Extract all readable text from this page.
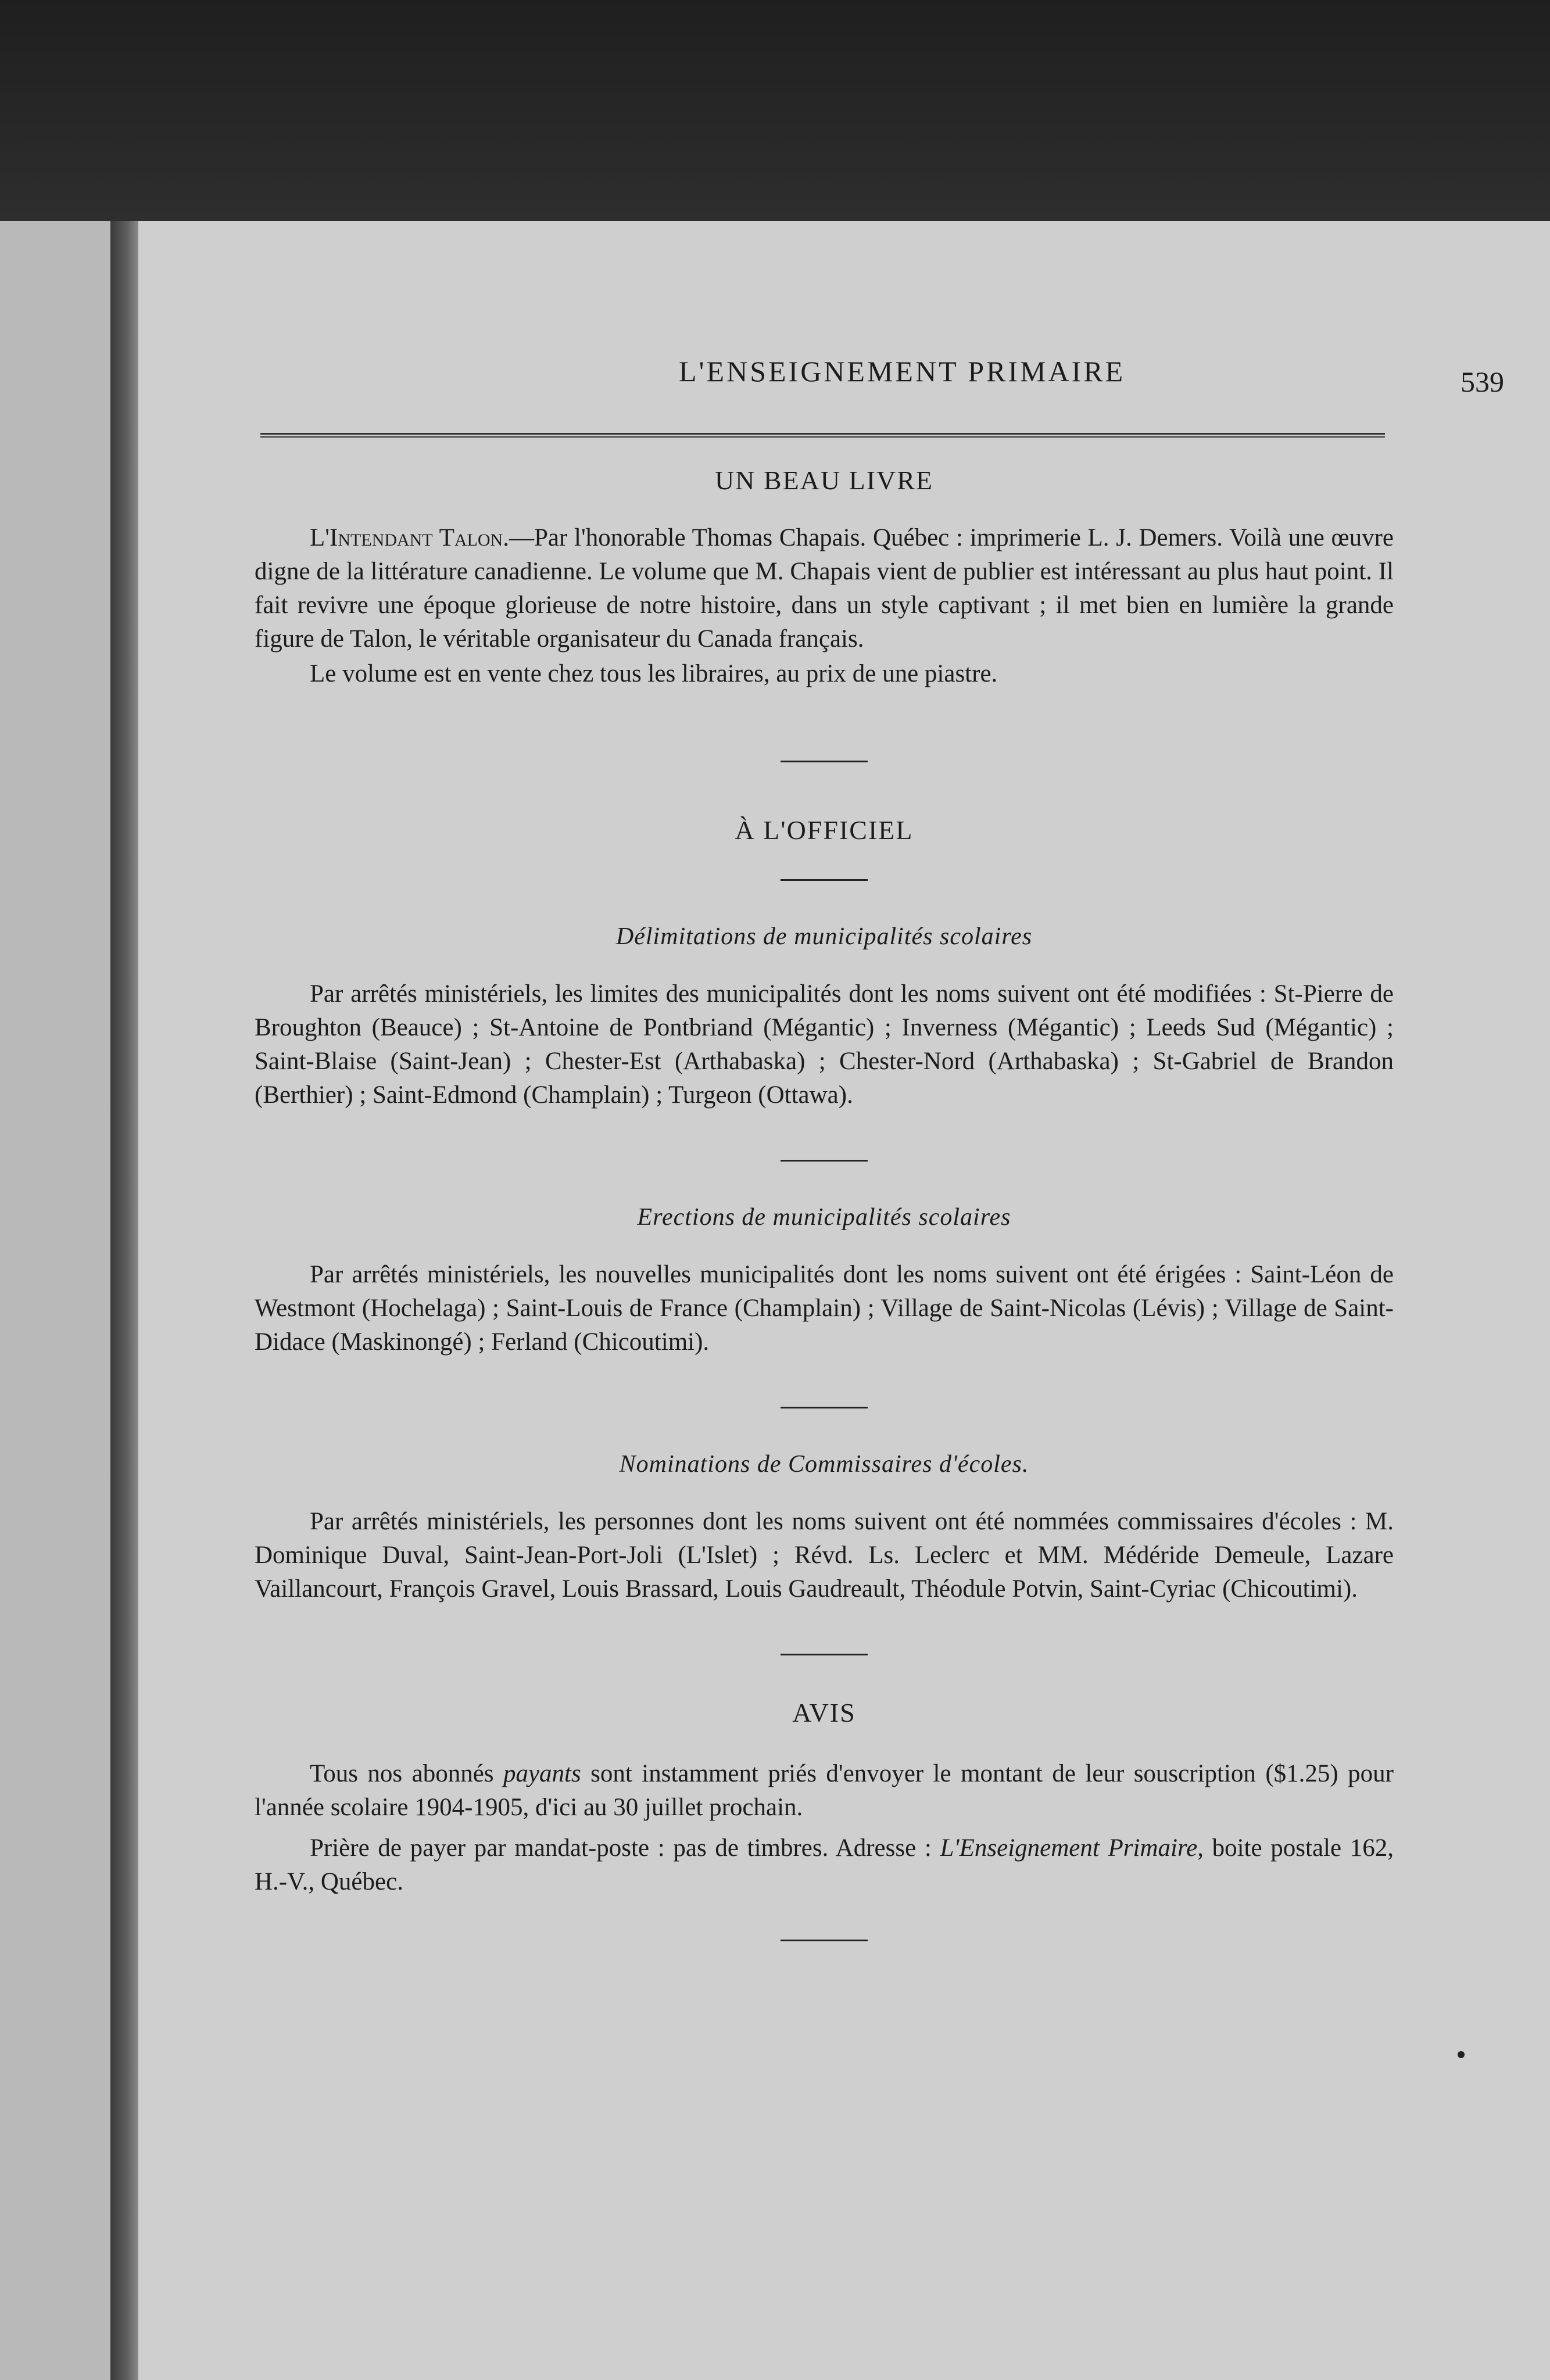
L'ENSEIGNEMENT PRIMAIRE	539
UN BEAU LIVRE

L'Intendant Talon.—Par l'honorable Thomas Chapais. Québec : imprimerie L. J. Demers. Voilà une œuvre digne de la littérature canadienne. Le volume que M. Chapais vient de publier est intéressant au plus haut point. Il fait revivre une époque glorieuse de notre histoire, dans un style captivant ; il met bien en lumière la grande figure de Talon, le véritable organisateur du Canada français.

Le volume est en vente chez tous les libraires, au prix de une piastre.

À L'OFFICIEL
Délimitations de municipalités scolaires

Par arrêtés ministériels, les limites des municipalités dont les noms suivent ont été modifiées : St-Pierre de Broughton (Beauce) ; St-Antoine de Pontbriand (Mégantic) ; Inverness (Mégantic) ; Leeds Sud (Mégantic) ; Saint-Blaise (Saint-Jean) ; Chester-Est (Arthabaska) ; Chester-Nord (Arthabaska) ; St-Gabriel de Brandon (Berthier) ; Saint-Edmond (Champlain) ; Turgeon (Ottawa).

Erections de municipalités scolaires

Par arrêtés ministériels, les nouvelles municipalités dont les noms suivent ont été érigées : Saint-Léon de Westmont (Hochelaga) ; Saint-Louis de France (Champlain) ; Village de Saint-Nicolas (Lévis) ; Village de Saint-Didace (Maskinongé) ; Ferland (Chicoutimi).

Nominations de Commissaires d'écoles.

Par arrêtés ministériels, les personnes dont les noms suivent ont été nommées commissaires d'écoles : M. Dominique Duval, Saint-Jean-Port-Joli (L'Islet) ; Révd. Ls. Leclerc et MM. Médéride Demeule, Lazare Vaillancourt, François Gravel, Louis Brassard, Louis Gaudreault, Théodule Potvin, Saint-Cyriac (Chicoutimi).

AVIS

Tous nos abonnés payants sont instamment priés d'envoyer le montant de leur souscription ($1.25) pour l'année scolaire 1904-1905, d'ici au 30 juillet prochain.

Prière de payer par mandat-poste : pas de timbres. Adresse : L'Enseignement Primaire, boite postale 162, H.-V., Québec.
